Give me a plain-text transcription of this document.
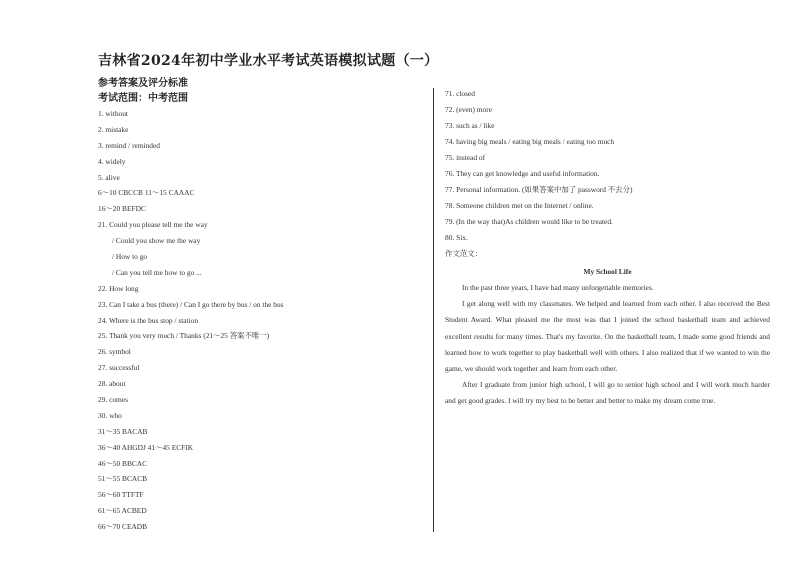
吉林省2024年初中学业水平考试英语模拟试题（一）
参考答案及评分标准
考试范围：中考范围
1. without
2. mistake
3. remind / reminded
4. widely
5. alive
6～10 CBCCB 11～15 CAAAC
16～20 BEFDC
21. Could you please tell me the way
/ Could you show me the way
/ How to go
/ Can you tell me how to go ...
22. How long
23. Can I take a bus (there) / Can I go there by bus / on the bus
24. Where is the bus stop / station
25. Thank you very much / Thanks (21～25 答案不唯一)
26. symbol
27. successful
28. about
29. comes
30. who
31～35 BACAB
36～40 AHGDJ 41～45 ECFIK
46～50 BBCAC
51～55 BCACB
56～60 TTFTF
61～65 ACBED
66～70 CEADB
71. closed
72. (even) more
73. such as / like
74. having big meals / eating big meals / eating too much
75. instead of
76. They can get knowledge and useful information.
77. Personal information. (如果答案中加了 password 不去分)
78. Someone children met on the Internet / online.
79. (In the way that)As children would like to be treated.
80. Six.
作文范文：
My School Life

In the past three years, I have had many unforgettable memories.

I get along well with my classmates. We helped and learned from each other. I also received the Best Student Award. What pleased me the most was that I joined the school basketball team and achieved excellent results for many times. That's my favorite. On the basketball team, I made some good friends and learned how to work together to play basketball well with others. I also realized that if we wanted to win the game, we should work together and learn from each other.

After I graduate from junior high school, I will go to senior high school and I will work much harder and get good grades. I will try my best to be better and better to make my dream come true.
